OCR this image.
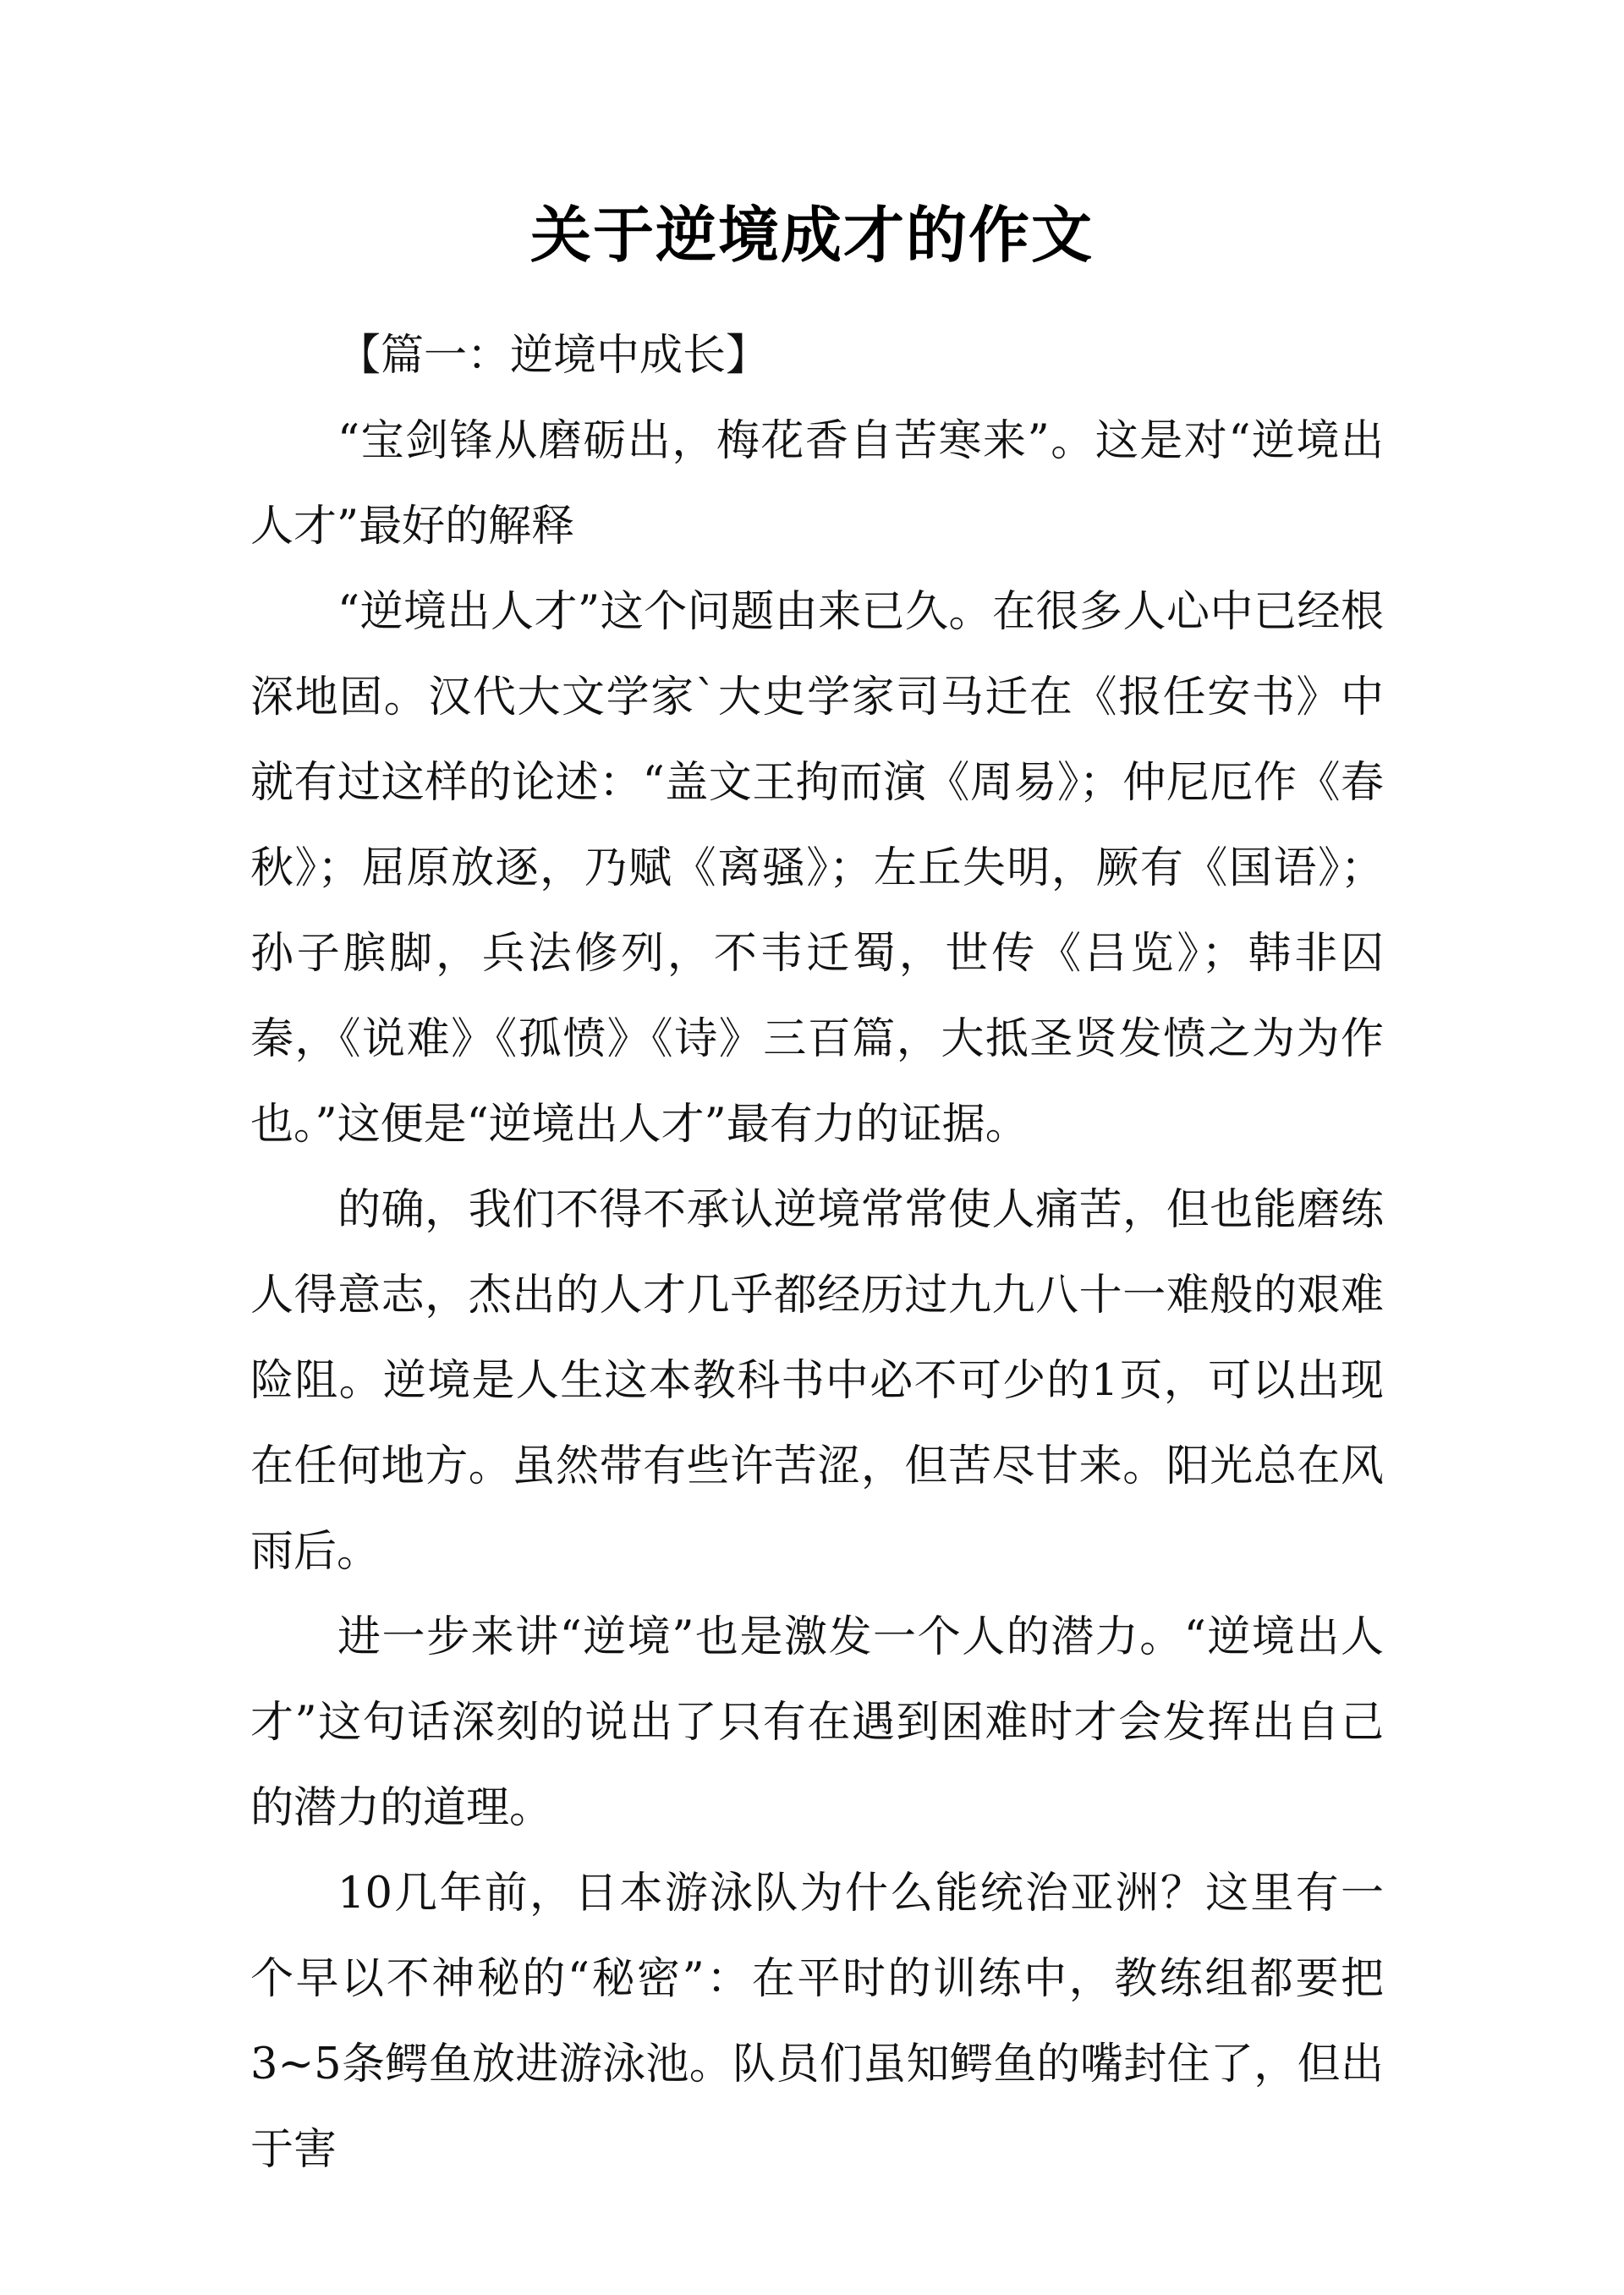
关于逆境成才的作文

【篇一：逆境中成长】

“宝剑锋从磨砺出，梅花香自苦寒来”。这是对“逆境出人才”最好的解释

“逆境出人才”这个问题由来已久。在很多人心中已经根深地固。汉代大文学家`大史学家司马迁在《报任安书》中就有过这样的论述：“盖文王拘而演《周易》；仲尼厄作《春秋》；屈原放逐，乃赋《离骚》；左丘失明，厥有《国语》；孙子膑脚，兵法修列，不韦迁蜀，世传《吕览》；韩非囚秦，《说难》《孤愤》《诗》三百篇，大抵圣贤发愤之为为作也。”这便是“逆境出人才”最有力的证据。

的确，我们不得不承认逆境常常使人痛苦，但也能磨练人得意志，杰出的人才几乎都经历过九九八十一难般的艰难险阻。逆境是人生这本教科书中必不可少的1页，可以出现在任何地方。虽然带有些许苦涩，但苦尽甘来。阳光总在风雨后。

进一步来讲“逆境”也是激发一个人的潜力。“逆境出人才”这句话深刻的说出了只有在遇到困难时才会发挥出自己的潜力的道理。

10几年前，日本游泳队为什么能统治亚洲？这里有一个早以不神秘的“秘密”：在平时的训练中，教练组都要把3~5条鳄鱼放进游泳池。队员们虽知鳄鱼的嘴封住了，但出于害
